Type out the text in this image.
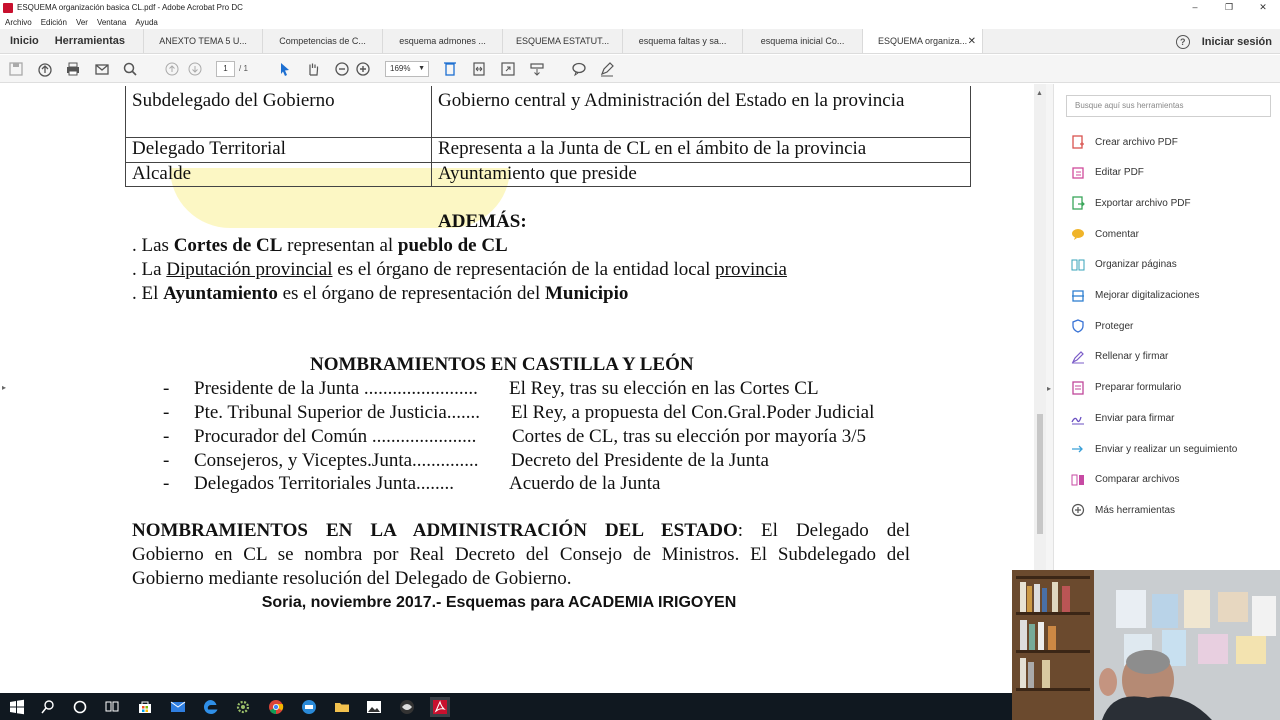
ESQUEMA organización basica CL.pdf - Adobe Acrobat Pro DC	–	❐	✕
Archivo Edición Ver Ventana Ayuda
Inicio	Herramientas	ANEXTO TEMA 5 U...	Competencias de C...	esquema admones ...	ESQUEMA ESTATUT...	esquema faltas y sa...	esquema inicial Co...	ESQUEMA organiza... ✕	?	Iniciar sesión
1	/ 1	169% ▼
▸
Subdelegado del Gobierno	Gobierno central y Administración del Estado en la provincia
Delegado Territorial	Representa a la Junta de CL en el ámbito de la provincia
Alcalde	Ayuntamiento que preside
ADEMÁS:
. Las Cortes de CL representan al pueblo de CL
. La Diputación provincial es el órgano de representación de la entidad local provincia
. El Ayuntamiento es el órgano de representación del Municipio
NOMBRAMIENTOS EN CASTILLA Y LEÓN
- Presidente de la Junta ........................ El Rey, tras su elección en las Cortes CL
- Pte. Tribunal Superior de Justicia....... El Rey, a propuesta del Con.Gral.Poder Judicial
- Procurador del Común ...................... Cortes de CL, tras su elección por mayoría 3/5
- Consejeros, y Viceptes.Junta.............. Decreto del Presidente de la Junta
- Delegados Territoriales Junta........	Acuerdo de la Junta
NOMBRAMIENTOS EN LA ADMINISTRACIÓN DEL ESTADO: El Delegado del
Gobierno en CL se nombra por Real Decreto del Consejo de Ministros. El Subdelegado del
Gobierno mediante resolución del Delegado de Gobierno.
Soria, noviembre 2017.- Esquemas para ACADEMIA IRIGOYEN
▲
▸
Busque aquí sus herramientas
Crear archivo PDF
Editar PDF
Exportar archivo PDF
Comentar
Organizar páginas
Mejorar digitalizaciones
Proteger
Rellenar y firmar
Preparar formulario
Enviar para firmar
Enviar y realizar un seguimiento
Comparar archivos
Más herramientas
